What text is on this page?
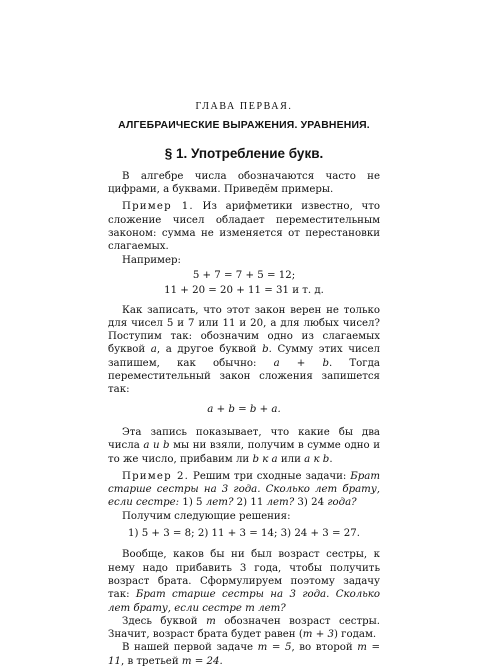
ГЛАВА ПЕРВАЯ.
АЛГЕБРАИЧЕСКИЕ ВЫРАЖЕНИЯ. УРАВНЕНИЯ.
§ 1. Употребление букв.

В алгебре числа обозначаются часто не цифрами, а буквами. Приведём примеры.

Пример 1. Из арифметики известно, что сложение чисел обладает переместительным законом: сумма не изменяется от перестановки слагаемых.

Например:

5 + 7 = 7 + 5 = 12;
11 + 20 = 20 + 11 = 31 и т. д.

Как записать, что этот закон верен не только для чисел 5 и 7 или 11 и 20, а для любых чисел? Поступим так: обозначим одно из слагаемых буквой a, а другое буквой b. Сумму этих чисел запишем, как обычно: a + b. Тогда переместительный закон сложения запишется так:

a + b = b + a.

Эта запись показывает, что какие бы два числа a и b мы ни взяли, получим в сумме одно и то же число, прибавим ли b к a или a к b.

Пример 2. Решим три сходные задачи: Брат старше сестры на 3 года. Сколько лет брату, если сестре: 1) 5 лет? 2) 11 лет? 3) 24 года?

Получим следующие решения:

1) 5 + 3 = 8; 2) 11 + 3 = 14; 3) 24 + 3 = 27.

Вообще, каков бы ни был возраст сестры, к нему надо прибавить 3 года, чтобы получить возраст брата. Сформулируем поэтому задачу так: Брат старше сестры на 3 года. Сколько лет брату, если сестре m лет?

Здесь буквой m обозначен возраст сестры. Значит, возраст брата будет равен (m + 3) годам.

В нашей первой задаче m = 5, во второй m = 11, в третьей m = 24.
